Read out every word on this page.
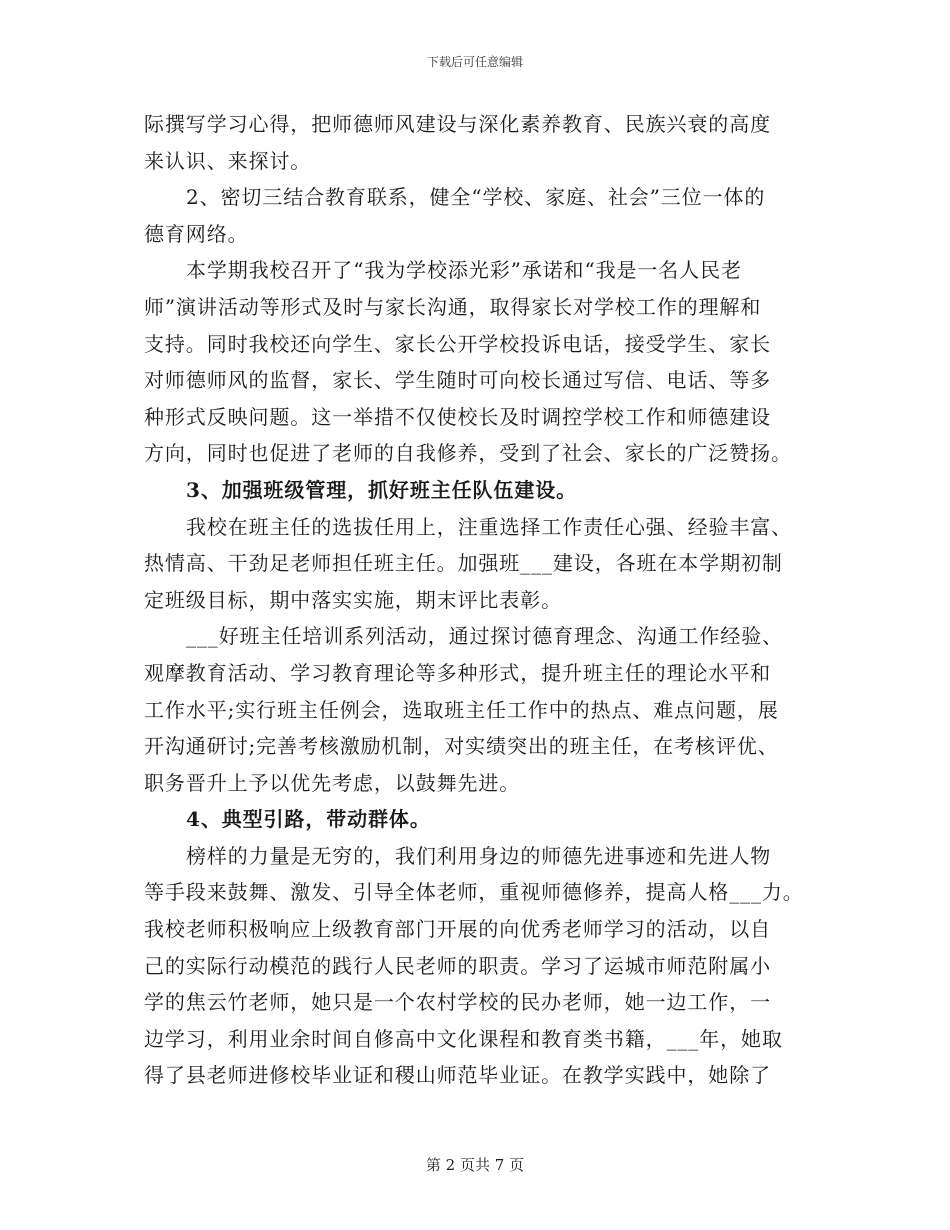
下载后可任意编辑
际撰写学习心得，把师德师风建设与深化素养教育、民族兴衰的高度
来认识、来探讨。
2、密切三结合教育联系，健全“学校、家庭、社会”三位一体的
德育网络。
本学期我校召开了“我为学校添光彩”承诺和“我是一名人民老
师”演讲活动等形式及时与家长沟通，取得家长对学校工作的理解和
支持。同时我校还向学生、家长公开学校投诉电话，接受学生、家长
对师德师风的监督，家长、学生随时可向校长通过写信、电话、等多
种形式反映问题。这一举措不仅使校长及时调控学校工作和师德建设
方向，同时也促进了老师的自我修养，受到了社会、家长的广泛赞扬。
3、加强班级管理，抓好班主任队伍建设。
我校在班主任的选拔任用上，注重选择工作责任心强、经验丰富、
热情高、干劲足老师担任班主任。加强班___建设，各班在本学期初制
定班级目标，期中落实实施，期末评比表彰。
___好班主任培训系列活动，通过探讨德育理念、沟通工作经验、
观摩教育活动、学习教育理论等多种形式，提升班主任的理论水平和
工作水平;实行班主任例会，选取班主任工作中的热点、难点问题，展
开沟通研讨;完善考核激励机制，对实绩突出的班主任，在考核评优、
职务晋升上予以优先考虑，以鼓舞先进。
4、典型引路，带动群体。
榜样的力量是无穷的，我们利用身边的师德先进事迹和先进人物
等手段来鼓舞、激发、引导全体老师，重视师德修养，提高人格___力。
我校老师积极响应上级教育部门开展的向优秀老师学习的活动，以自
己的实际行动模范的践行人民老师的职责。学习了运城市师范附属小
学的焦云竹老师，她只是一个农村学校的民办老师，她一边工作，一
边学习，利用业余时间自修高中文化课程和教育类书籍，___年，她取
得了县老师进修校毕业证和稷山师范毕业证。在教学实践中，她除了
第 2 页共 7 页
